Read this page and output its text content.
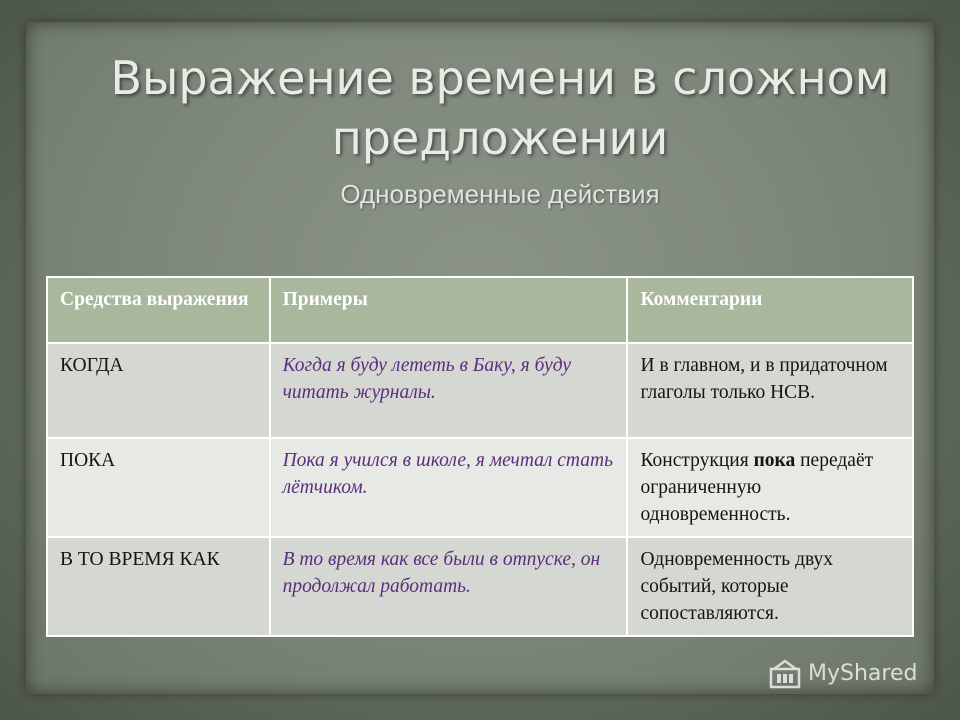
Выражение времени в сложном
предложении
Одновременные действия
Средства выражения	Примеры	Комментарии
КОГДА	Когда я буду лететь в Баку, я буду читать журналы.	И в главном, и в придаточном глаголы только НСВ.
ПОКА	Пока я учился в школе, я мечтал стать лётчиком.	Конструкция пока передаёт ограниченную одновременность.
В ТО ВРЕМЯ КАК	В то время как все были в отпуске, он продолжал работать.	Одновременность двух событий, которые сопоставляются.
MyShared
